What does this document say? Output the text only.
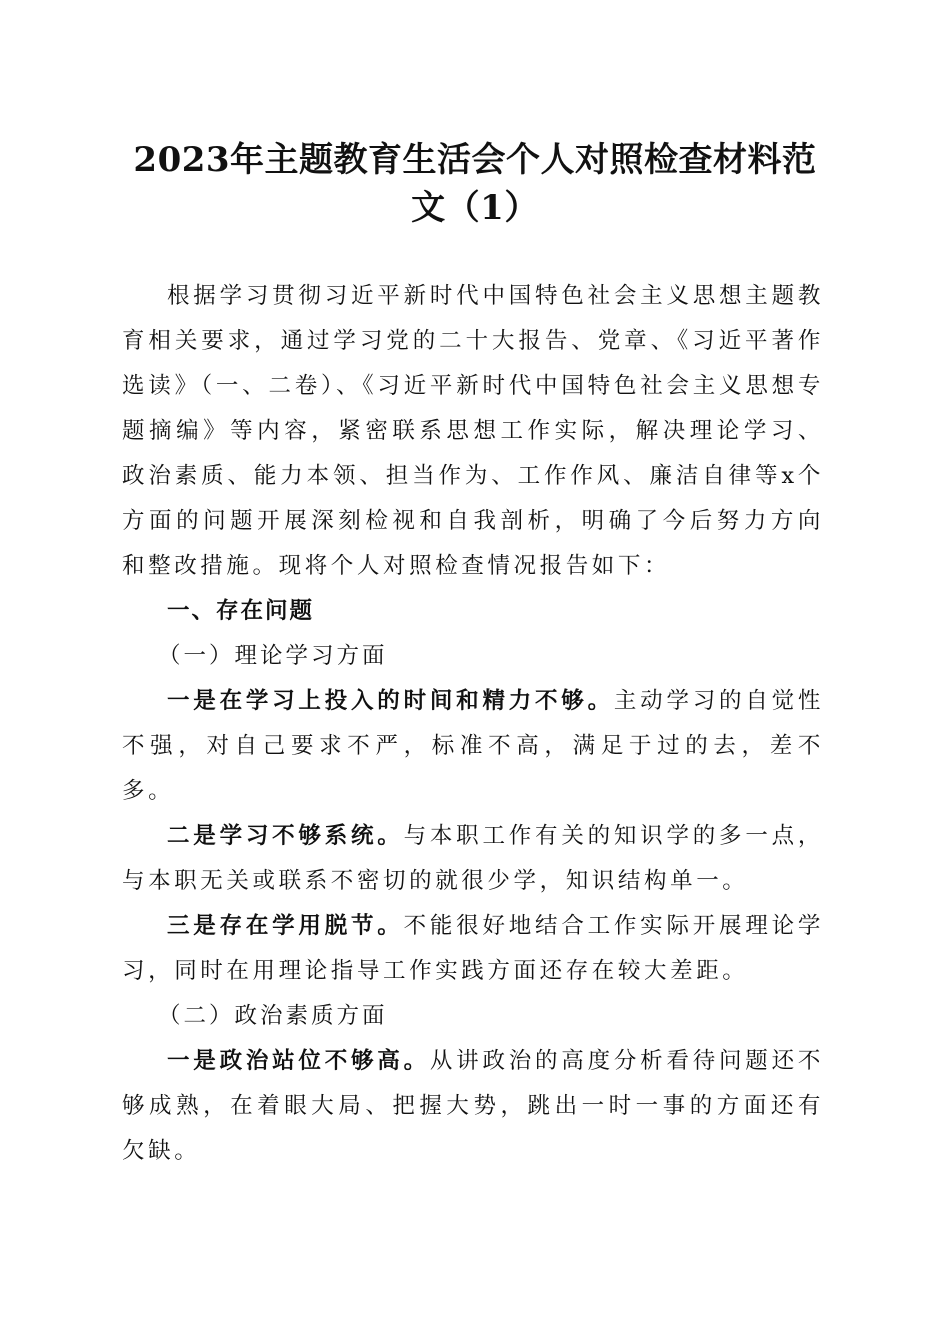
2023年主题教育生活会个人对照检查材料范
文（1）

根据学习贯彻习近平新时代中国特色社会主义思想主题教育相关要求，通过学习党的二十大报告、党章、《习近平著作选读》（一、二卷）、《习近平新时代中国特色社会主义思想专题摘编》等内容，紧密联系思想工作实际，解决理论学习、政治素质、能力本领、担当作为、工作作风、廉洁自律等x个方面的问题开展深刻检视和自我剖析，明确了今后努力方向和整改措施。现将个人对照检查情况报告如下：

一、存在问题

（一）理论学习方面

一是在学习上投入的时间和精力不够。主动学习的自觉性不强，对自己要求不严，标准不高，满足于过的去，差不多。

二是学习不够系统。与本职工作有关的知识学的多一点，与本职无关或联系不密切的就很少学，知识结构单一。

三是存在学用脱节。不能很好地结合工作实际开展理论学习，同时在用理论指导工作实践方面还存在较大差距。

（二）政治素质方面

一是政治站位不够高。从讲政治的高度分析看待问题还不够成熟，在着眼大局、把握大势，跳出一时一事的方面还有欠缺。
